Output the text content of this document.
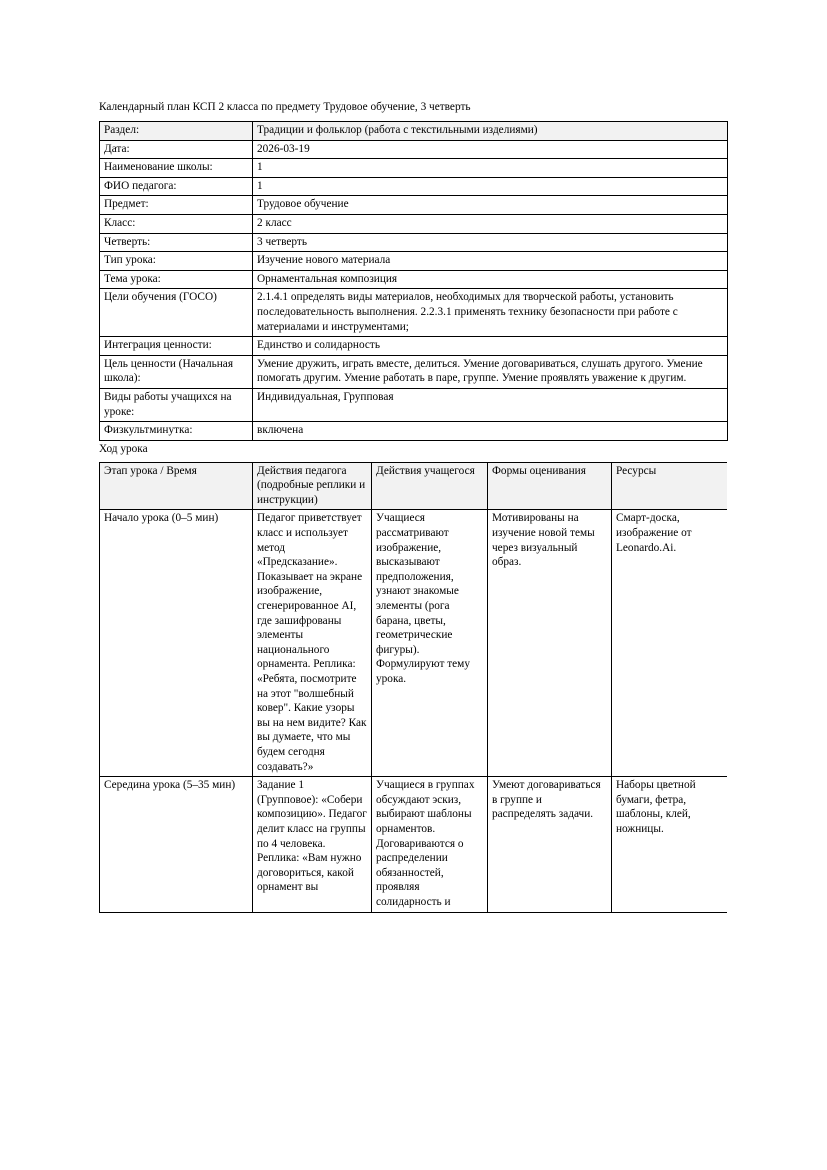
Календарный план КСП 2 класса по предмету Трудовое обучение, 3 четверть

Раздел:	Традиции и фольклор (работа с текстильными изделиями)
Дата:	2026-03-19
Наименование школы:	1
ФИО педагога:	1
Предмет:	Трудовое обучение
Класс:	2 класс
Четверть:	3 четверть
Тип урока:	Изучение нового материала
Тема урока:	Орнаментальная композиция
Цели обучения (ГОСО)	2.1.4.1 определять виды материалов, необходимых для творческой работы, установить последовательность выполнения. 2.2.3.1 применять технику безопасности при работе с материалами и инструментами;
Интеграция ценности:	Единство и солидарность
Цель ценности (Начальная школа):	Умение дружить, играть вместе, делиться. Умение договариваться, слушать другого. Умение помогать другим. Умение работать в паре, группе. Умение проявлять уважение к другим.
Виды работы учащихся на уроке:	Индивидуальная, Групповая
Физкультминутка:	включена

Ход урока

Этап урока / Время	Действия педагога (подробные реплики и инструкции)	Действия учащегося	Формы оценивания	Ресурсы
Начало урока (0–5 мин)	Педагог приветствует класс и использует метод «Предсказание». Показывает на экране изображение, сгенерированное AI, где зашифрованы элементы национального орнамента. Реплика: «Ребята, посмотрите на этот "волшебный ковер". Какие узоры вы на нем видите? Как вы думаете, что мы будем сегодня создавать?»	Учащиеся рассматривают изображение, высказывают предположения, узнают знакомые элементы (рога барана, цветы, геометрические фигуры). Формулируют тему урока.	Мотивированы на изучение новой темы через визуальный образ.	Смарт-доска, изображение от Leonardo.Ai.
Середина урока (5–35 мин)	Задание 1 (Групповое): «Собери композицию». Педагог делит класс на группы по 4 человека. Реплика: «Вам нужно договориться, какой орнамент вы	Учащиеся в группах обсуждают эскиз, выбирают шаблоны орнаментов. Договариваются о распределении обязанностей, проявляя солидарность и	Умеют договариваться в группе и распределять задачи.	Наборы цветной бумаги, фетра, шаблоны, клей, ножницы.
